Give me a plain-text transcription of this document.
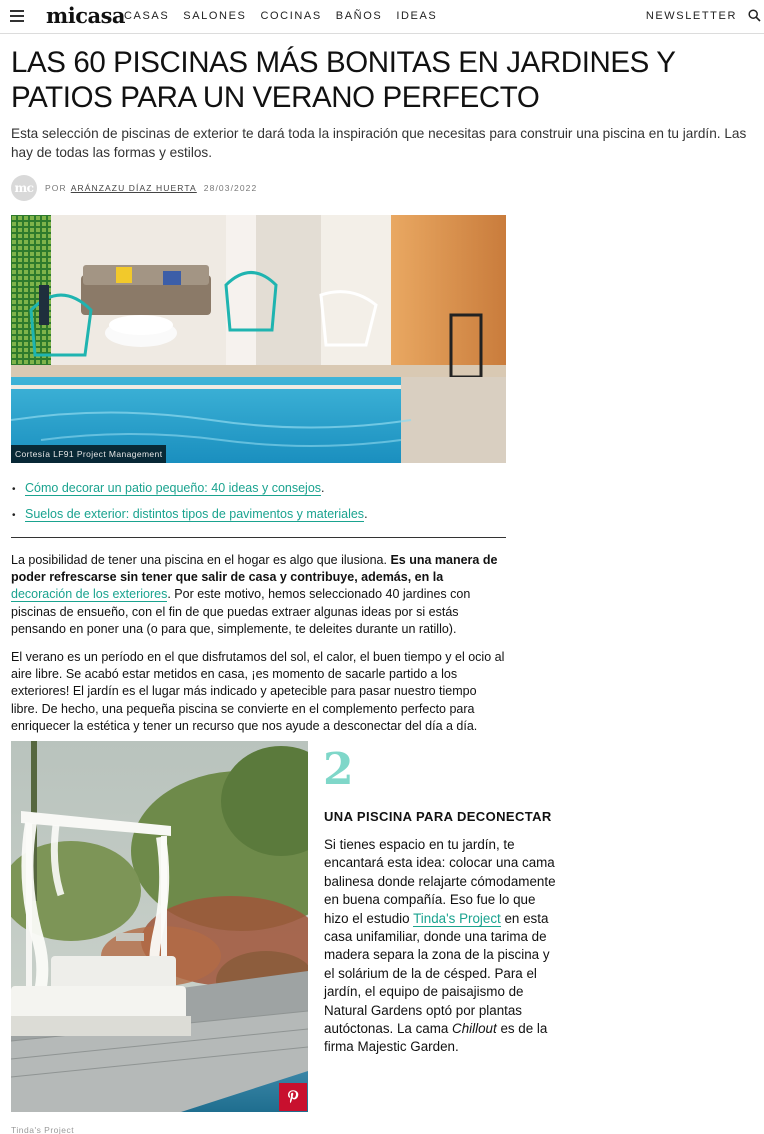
micasa
CASAS SALONES COCINAS BAÑOS IDEAS	NEWSLETTER
LAS 60 PISCINAS MÁS BONITAS EN JARDINES Y PATIOS PARA UN VERANO PERFECTO

Esta selección de piscinas de exterior te dará toda la inspiración que necesitas para construir una piscina en tu jardín. Las hay de todas las formas y estilos.

mc	POR ARÁNZAZU DÍAZ HUERTA 28/03/2022
Cortesía LF91 Project Management
• Cómo decorar un patio pequeño: 40 ideas y consejos.
• Suelos de exterior: distintos tipos de pavimentos y materiales.

La posibilidad de tener una piscina en el hogar es algo que ilusiona. Es una manera de poder refrescarse sin tener que salir de casa y contribuye, además, en la decoración de los exteriores. Por este motivo, hemos seleccionado 40 jardines con piscinas de ensueño, con el fin de que puedas extraer algunas ideas por si estás pensando en poner una (o para que, simplemente, te deleites durante un ratillo).

El verano es un período en el que disfrutamos del sol, el calor, el buen tiempo y el ocio al aire libre. Se acabó estar metidos en casa, ¡es momento de sacarle partido a los exteriores! El jardín es el lugar más indicado y apetecible para pasar nuestro tiempo libre. De hecho, una pequeña piscina se convierte en el complemento perfecto para enriquecer la estética y tener un recurso que nos ayude a desconectar del día a día.

Tinda's Project
2
UNA PISCINA PARA DECONECTAR

Si tienes espacio en tu jardín, te encantará esta idea: colocar una cama balinesa donde relajarte cómodamente en buena compañía. Eso fue lo que hizo el estudio Tinda's Project en esta casa unifamiliar, donde una tarima de madera separa la zona de la piscina y el solárium de la de césped. Para el jardín, el equipo de paisajismo de Natural Gardens optó por plantas autóctonas. La cama Chillout es de la firma Majestic Garden.
